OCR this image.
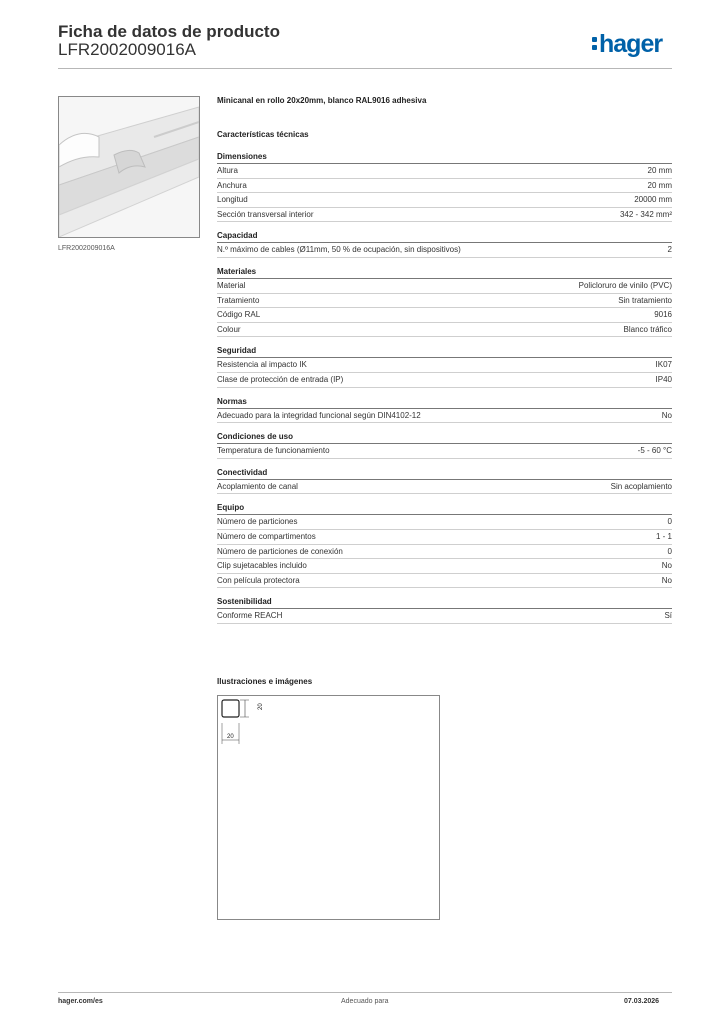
Ficha de datos de producto
LFR2002009016A	hager
LFR2002009016A
Minicanal en rollo 20x20mm, blanco RAL9016 adhesiva
Características técnicas
Dimensiones
Altura	20 mm
Anchura	20 mm
Longitud	20000 mm
Sección transversal interior	342 - 342 mm²
Capacidad
N.º máximo de cables (Ø11mm, 50 % de ocupación, sin dispositivos)	2
Materiales
Material	Policloruro de vinilo (PVC)
Tratamiento	Sin tratamiento
Código RAL	9016
Colour	Blanco tráfico
Seguridad
Resistencia al impacto IK	IK07
Clase de protección de entrada (IP)	IP40
Normas
Adecuado para la integridad funcional según DIN4102-12	No
Condiciones de uso
Temperatura de funcionamiento	-5 - 60 °C
Conectividad
Acoplamiento de canal	Sin acoplamiento
Equipo
Número de particiones	0
Número de compartimentos	1 - 1
Número de particiones de conexión	0
Clip sujetacables incluido	No
Con película protectora	No
Sostenibilidad
Conforme REACH	Sí
Ilustraciones e imágenes
20
20
hager.com/es	Adecuado para	07.03.2026
